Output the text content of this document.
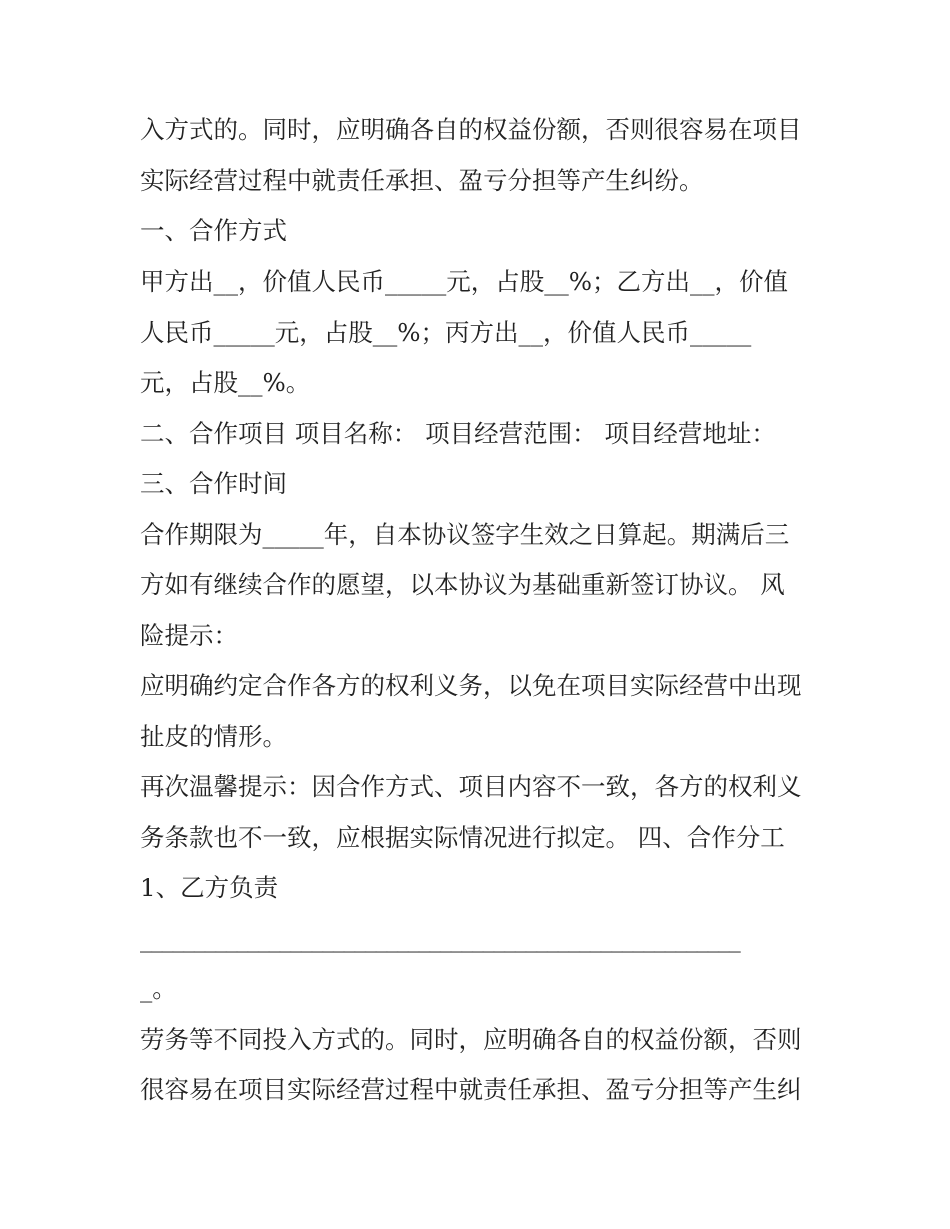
入方式的。同时，应明确各自的权益份额，否则很容易在项目

实际经营过程中就责任承担、盈亏分担等产生纠纷。

一、合作方式

甲方出__，价值人民币_____元，占股__%；乙方出__，价值

人民币_____元，占股__%；丙方出__，价值人民币_____

元，占股__%。

二、合作项目 项目名称： 项目经营范围： 项目经营地址：

三、合作时间

合作期限为_____年，自本协议签字生效之日算起。期满后三

方如有继续合作的愿望，以本协议为基础重新签订协议。 风

险提示：

应明确约定合作各方的权利义务，以免在项目实际经营中出现

扯皮的情形。

再次温馨提示：因合作方式、项目内容不一致，各方的权利义

务条款也不一致，应根据实际情况进行拟定。 四、合作分工

1、乙方负责

________________________________________________________

_。

劳务等不同投入方式的。同时，应明确各自的权益份额，否则

很容易在项目实际经营过程中就责任承担、盈亏分担等产生纠
